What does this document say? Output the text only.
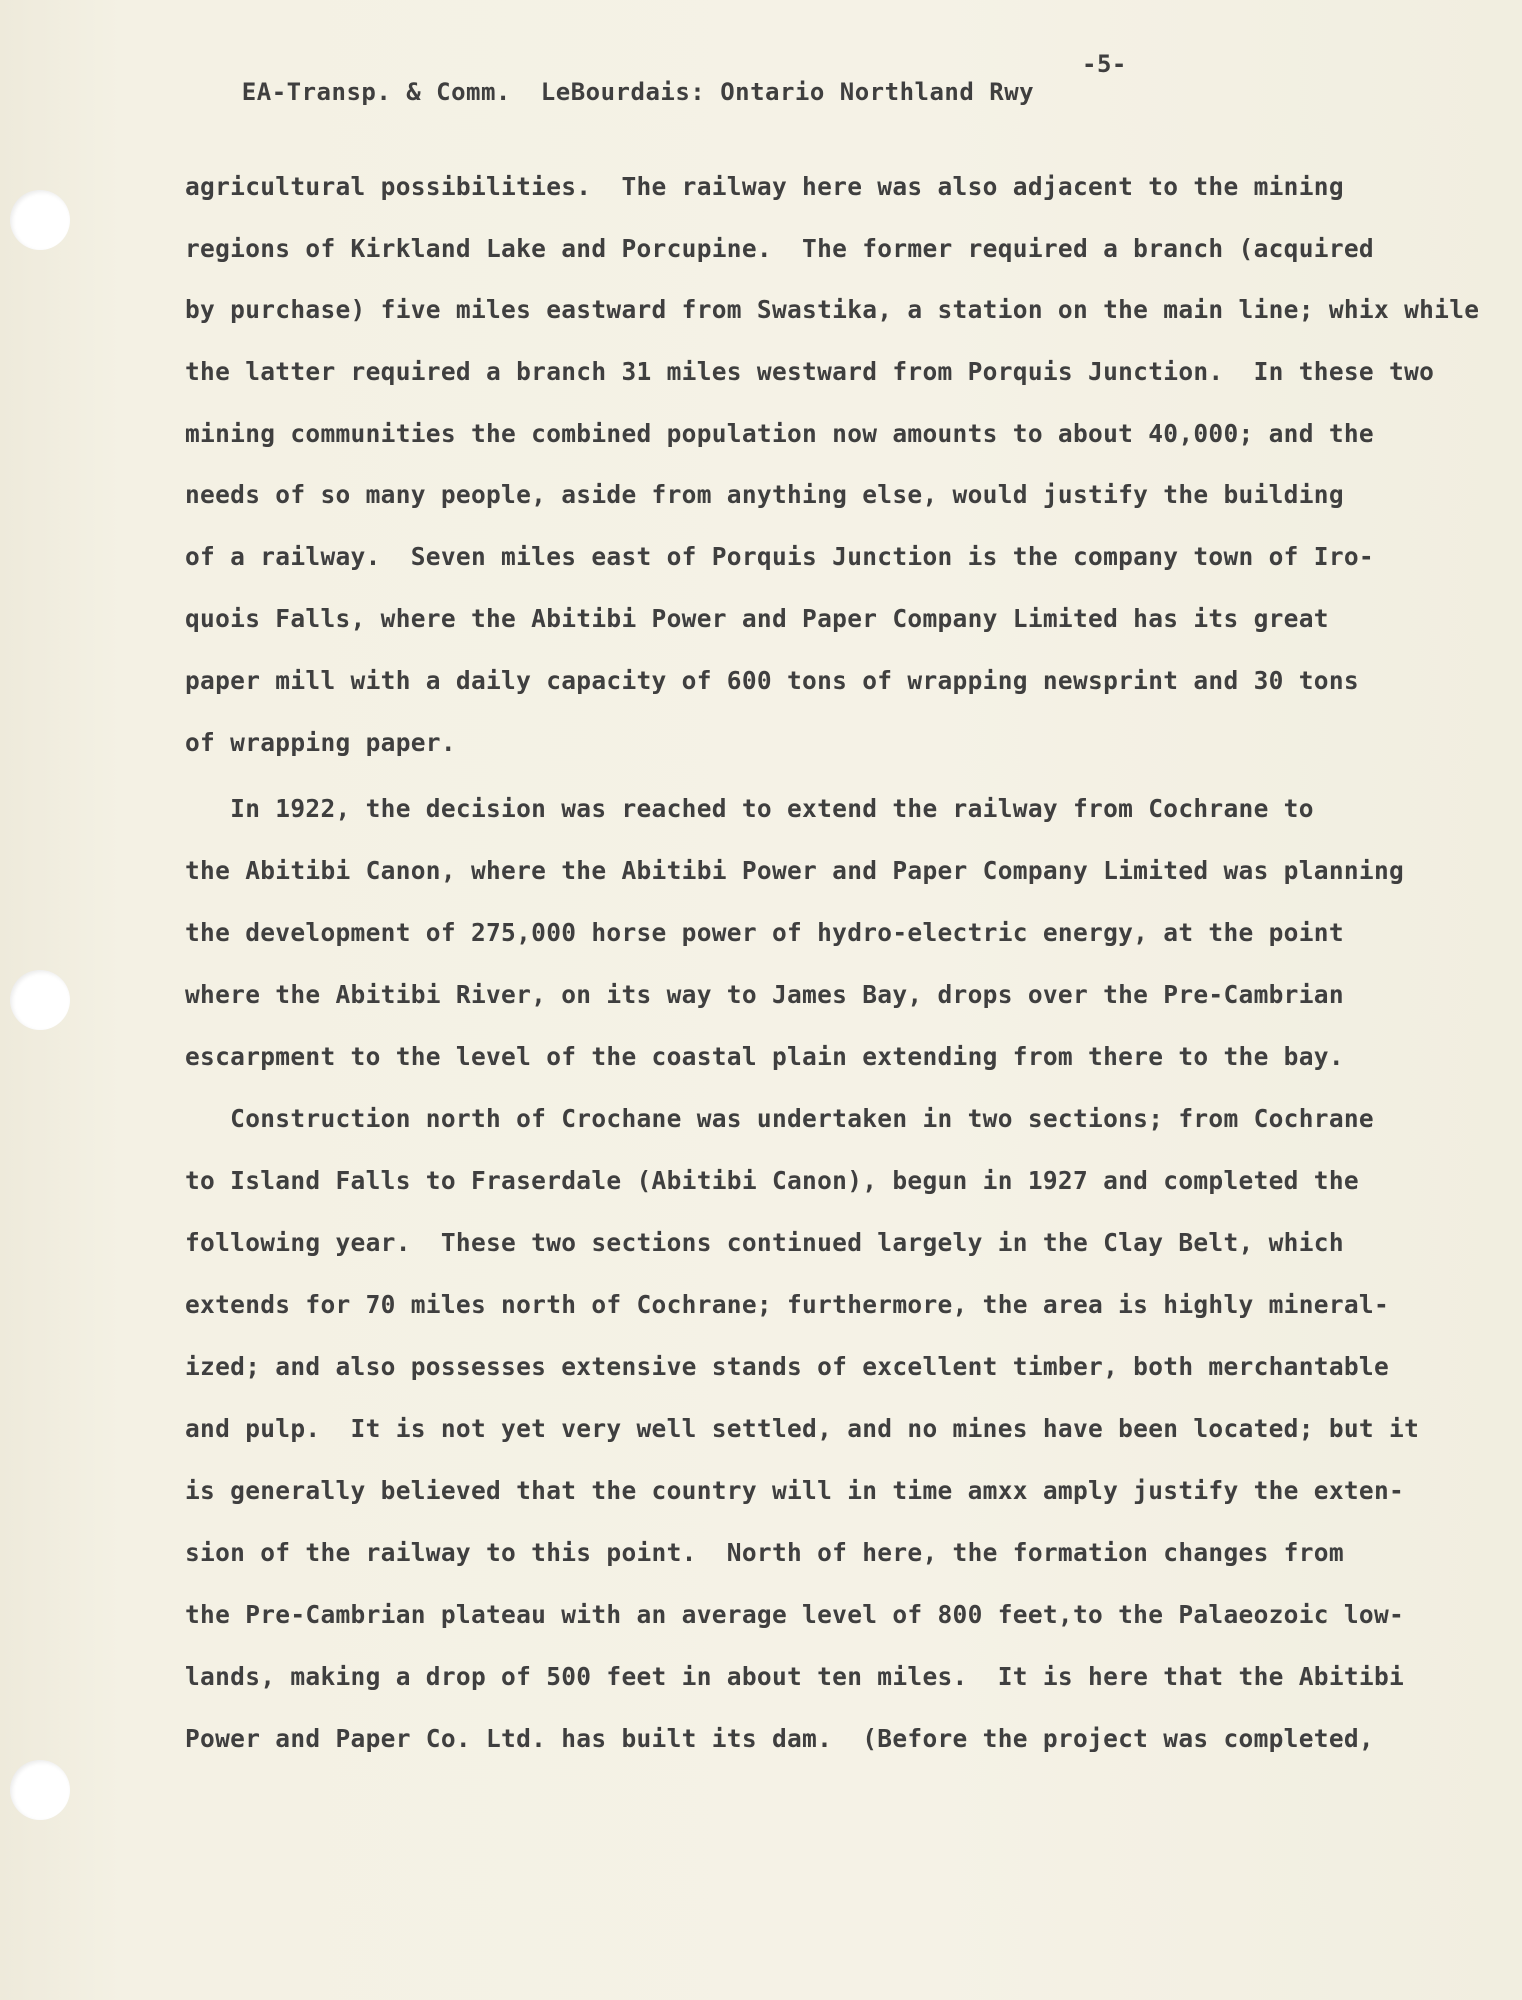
EA-Transp. & Comm. LeBourdais: Ontario Northland Rwy

-5-

agricultural possibilities.  The railway here was also adjacent to the mining
regions of Kirkland Lake and Porcupine.  The former required a branch (acquired
by purchase) five miles eastward from Swastika, a station on the main line; whix while
the latter required a branch 31 miles westward from Porquis Junction.  In these two
mining communities the combined population now amounts to about 40,000; and the
needs of so many people, aside from anything else, would justify the building
of a railway.  Seven miles east of Porquis Junction is the company town of Iro-
quois Falls, where the Abitibi Power and Paper Company Limited has its great
paper mill with a daily capacity of 600 tons of wrapping newsprint and 30 tons
of wrapping paper.
In 1922, the decision was reached to extend the railway from Cochrane to
the Abitibi Canon, where the Abitibi Power and Paper Company Limited was planning
the development of 275,000 horse power of hydro-electric energy, at the point
where the Abitibi River, on its way to James Bay, drops over the Pre-Cambrian
escarpment to the level of the coastal plain extending from there to the bay.
Construction north of Crochane was undertaken in two sections; from Cochrane
to Island Falls to Fraserdale (Abitibi Canon), begun in 1927 and completed the
following year.  These two sections continued largely in the Clay Belt, which
extends for 70 miles north of Cochrane; furthermore, the area is highly mineral-
ized; and also possesses extensive stands of excellent timber, both merchantable
and pulp.  It is not yet very well settled, and no mines have been located; but it
is generally believed that the country will in time amxx amply justify the exten-
sion of the railway to this point.  North of here, the formation changes from
the Pre-Cambrian plateau with an average level of 800 feet,to the Palaeozoic low-
lands, making a drop of 500 feet in about ten miles.  It is here that the Abitibi
Power and Paper Co. Ltd. has built its dam.  (Before the project was completed,
